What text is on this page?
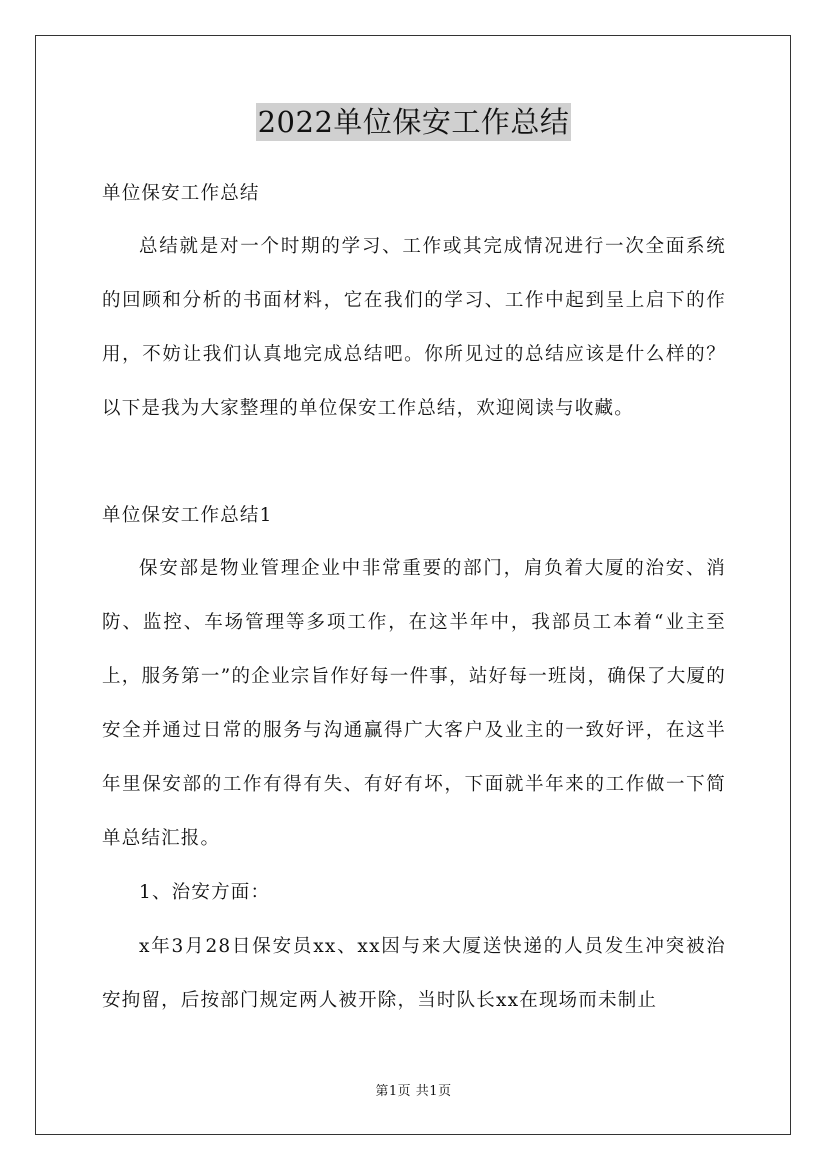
2022单位保安工作总结

单位保安工作总结

总结就是对一个时期的学习、工作或其完成情况进行一次全面系统的回顾和分析的书面材料，它在我们的学习、工作中起到呈上启下的作用，不妨让我们认真地完成总结吧。你所见过的总结应该是什么样的？以下是我为大家整理的单位保安工作总结，欢迎阅读与收藏。

单位保安工作总结1

保安部是物业管理企业中非常重要的部门，肩负着大厦的治安、消防、监控、车场管理等多项工作，在这半年中，我部员工本着“业主至上，服务第一”的企业宗旨作好每一件事，站好每一班岗，确保了大厦的安全并通过日常的服务与沟通赢得广大客户及业主的一致好评，在这半年里保安部的工作有得有失、有好有坏，下面就半年来的工作做一下简单总结汇报。

1、治安方面：

x年3月28日保安员xx、xx因与来大厦送快递的人员发生冲突被治安拘留，后按部门规定两人被开除，当时队长xx在现场而未制止

第1页 共1页
